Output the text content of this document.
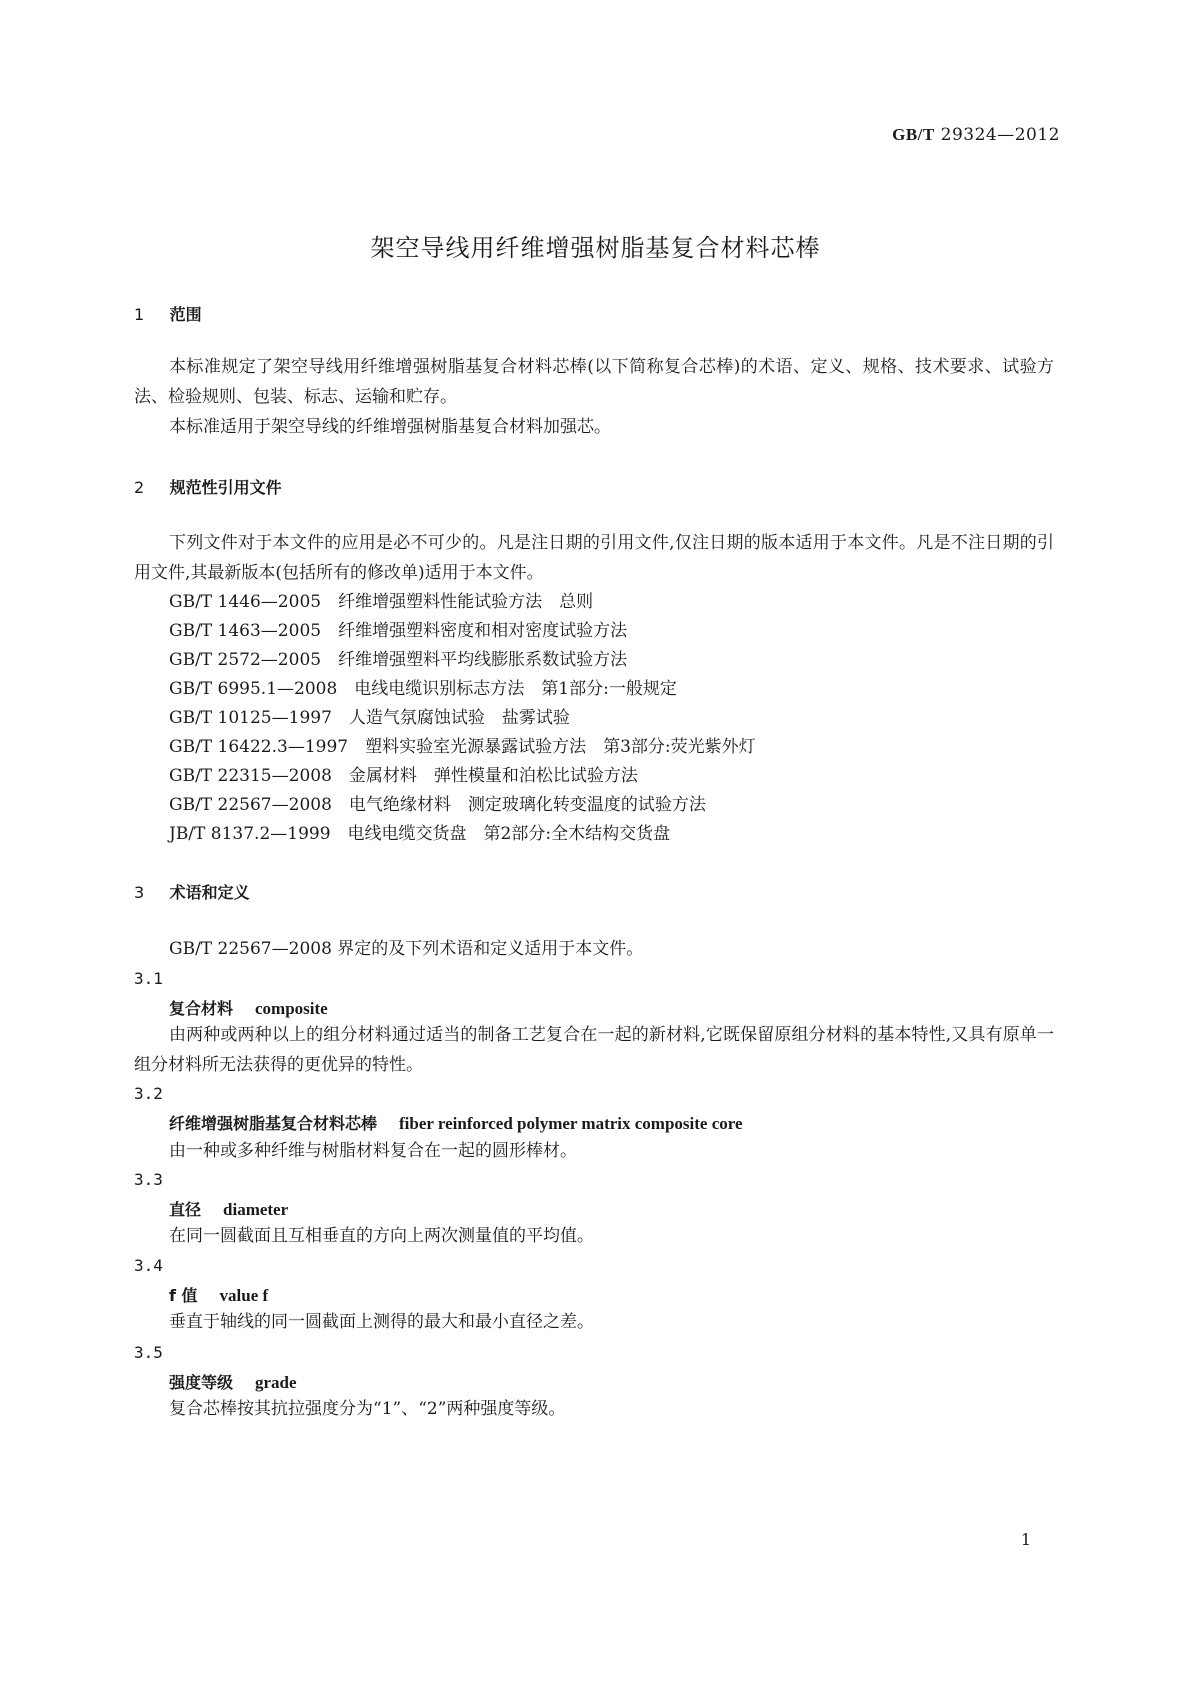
GB/T 29324—2012
架空导线用纤维增强树脂基复合材料芯棒
1 范围
本标准规定了架空导线用纤维增强树脂基复合材料芯棒(以下简称复合芯棒)的术语、定义、规格、技术要求、试验方法、检验规则、包装、标志、运输和贮存。
本标准适用于架空导线的纤维增强树脂基复合材料加强芯。
2 规范性引用文件
下列文件对于本文件的应用是必不可少的。凡是注日期的引用文件,仅注日期的版本适用于本文件。凡是不注日期的引用文件,其最新版本(包括所有的修改单)适用于本文件。
GB/T 1446—2005　纤维增强塑料性能试验方法　总则
GB/T 1463—2005　纤维增强塑料密度和相对密度试验方法
GB/T 2572—2005　纤维增强塑料平均线膨胀系数试验方法
GB/T 6995.1—2008　电线电缆识别标志方法　第1部分:一般规定
GB/T 10125—1997　人造气氛腐蚀试验　盐雾试验
GB/T 16422.3—1997　塑料实验室光源暴露试验方法　第3部分:荧光紫外灯
GB/T 22315—2008　金属材料　弹性模量和泊松比试验方法
GB/T 22567—2008　电气绝缘材料　测定玻璃化转变温度的试验方法
JB/T 8137.2—1999　电线电缆交货盘　第2部分:全木结构交货盘
3 术语和定义
GB/T 22567—2008 界定的及下列术语和定义适用于本文件。
3.1
复合材料 composite
由两种或两种以上的组分材料通过适当的制备工艺复合在一起的新材料,它既保留原组分材料的基本特性,又具有原单一组分材料所无法获得的更优异的特性。
3.2
纤维增强树脂基复合材料芯棒 fiber reinforced polymer matrix composite core
由一种或多种纤维与树脂材料复合在一起的圆形棒材。
3.3
直径 diameter
在同一圆截面且互相垂直的方向上两次测量值的平均值。
3.4
f 值 value f
垂直于轴线的同一圆截面上测得的最大和最小直径之差。
3.5
强度等级 grade
复合芯棒按其抗拉强度分为“1”、“2”两种强度等级。
1
